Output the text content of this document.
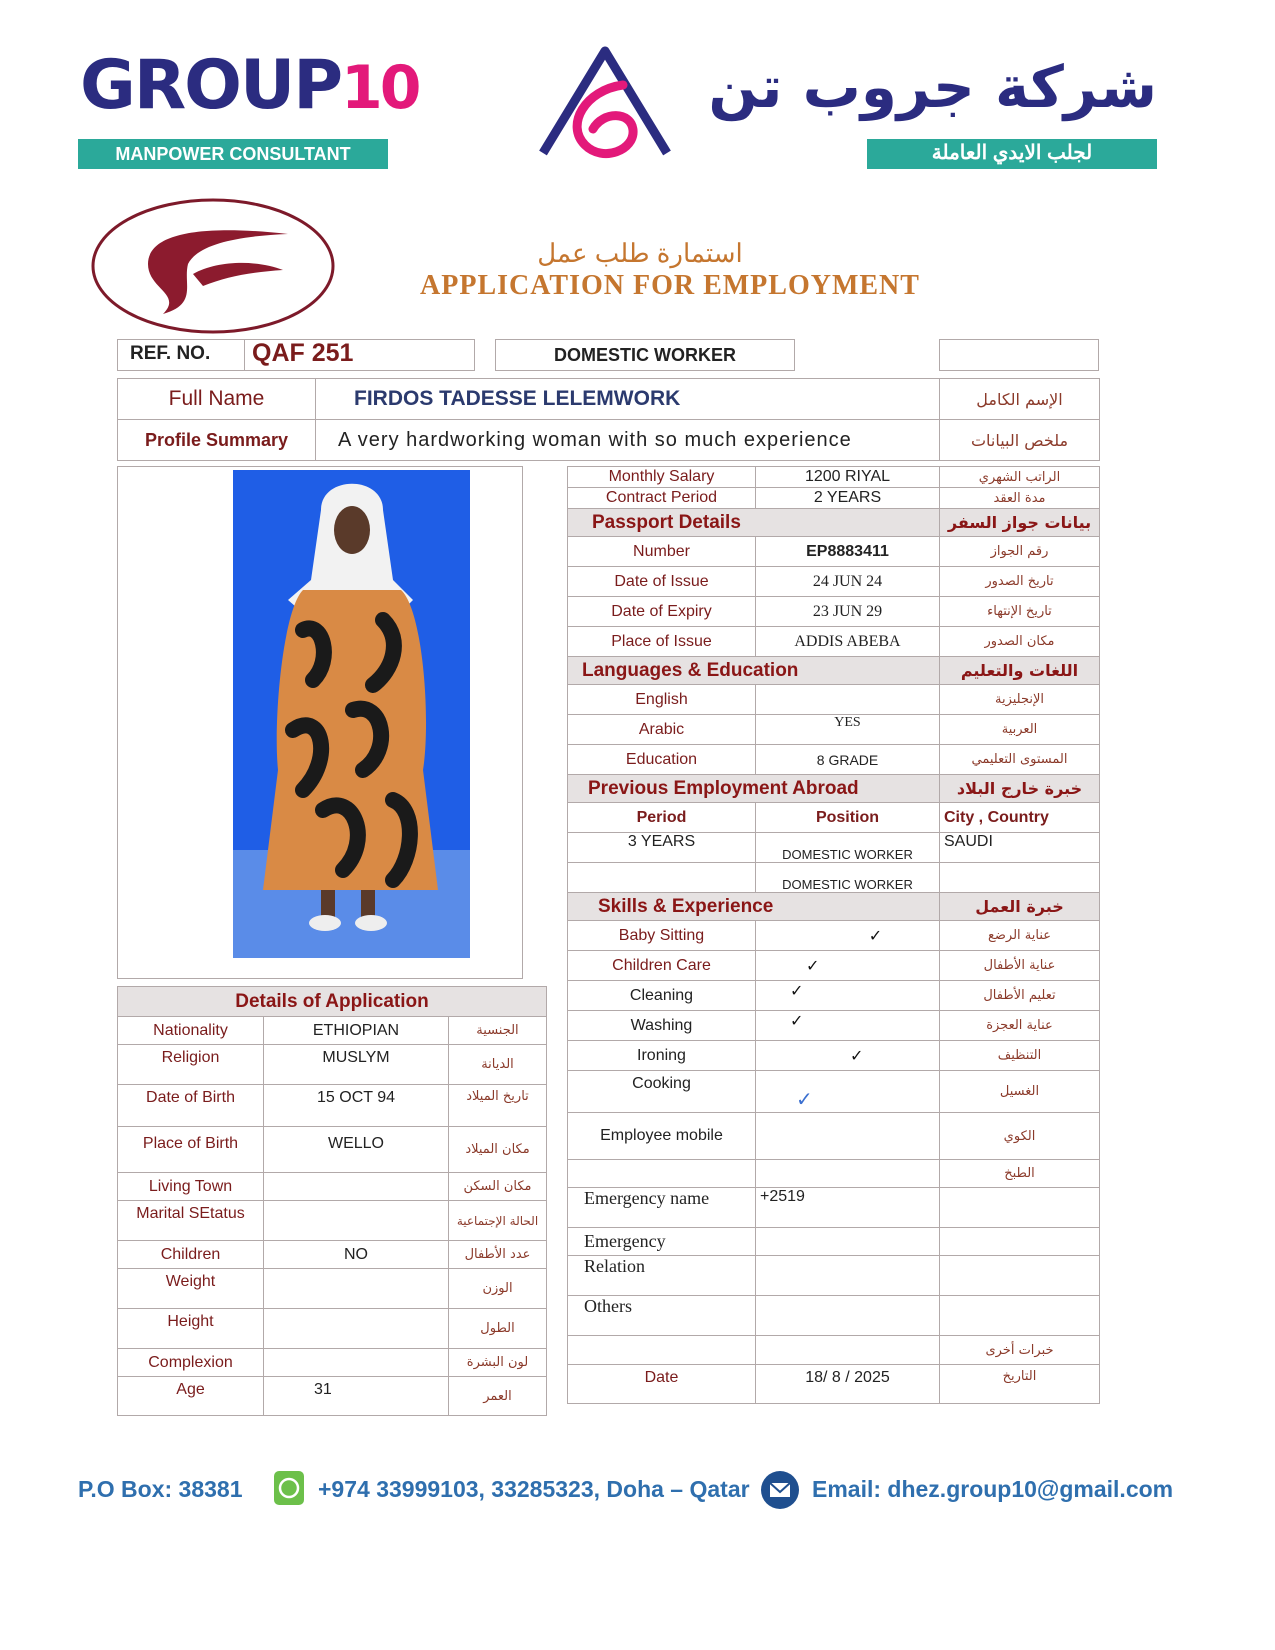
GROUP10
MANPOWER CONSULTANT
شركة جروب تن
لجلب الايدي العاملة
استمارة طلب عمل
APPLICATION FOR EMPLOYMENT
REF. NO. QAF 251	DOMESTIC WORKER
Full Name	FIRDOS TADESSE LELEMWORK	الإسم الكامل
Profile Summary	A very hardworking woman with so much experience	ملخص البيانات
Monthly Salary	1200 RIYAL	الراتب الشهري
Contract Period	2 YEARS	مدة العقد
Passport Details		بيانات جواز السفر
Number	EP8883411	رقم الجواز
Date of Issue	24 JUN 24	تاريخ الصدور
Date of Expiry	23 JUN 29	تاريخ الإنتهاء
Place of Issue	ADDIS ABEBA	مكان الصدور
Languages & Education		اللغات والتعليم
English		الإنجليزية
Arabic	YES	العربية
Education	8 GRADE	المستوى التعليمي
Previous Employment Abroad		خبرة خارج البلاد
Period	Position	City , Country
3 YEARS	DOMESTIC WORKER	SAUDI
	DOMESTIC WORKER	
Skills & Experience		خبرة العمل
Baby Sitting	✓	عناية الرضع
Children Care	✓	عناية الأطفال
Cleaning	✓	تعليم الأطفال
Washing	✓	عناية العجزة
Ironing	✓	التنظيف
Cooking	✓	الغسيل
Employee mobile		الكوي
		الطبخ
Emergency name	+2519	
Emergency		
Relation		
Others		
		خبرات أخرى
Date	18/ 8 / 2025	التاريخ
Details of Application		
Nationality	ETHIOPIAN	الجنسية
Religion	MUSLYM	الديانة
Date of Birth	15 OCT 94	تاريخ الميلاد
Place of Birth	WELLO	مكان الميلاد
Living Town		مكان السكن
Marital SEtatus		الحالة الإجتماعية
Children	NO	عدد الأطفال
Weight		الوزن
Height		الطول
Complexion		لون البشرة
Age	31	العمر
P.O Box: 38381	+974 33999103, 33285323, Doha – Qatar	Email: dhez.group10@gmail.com
